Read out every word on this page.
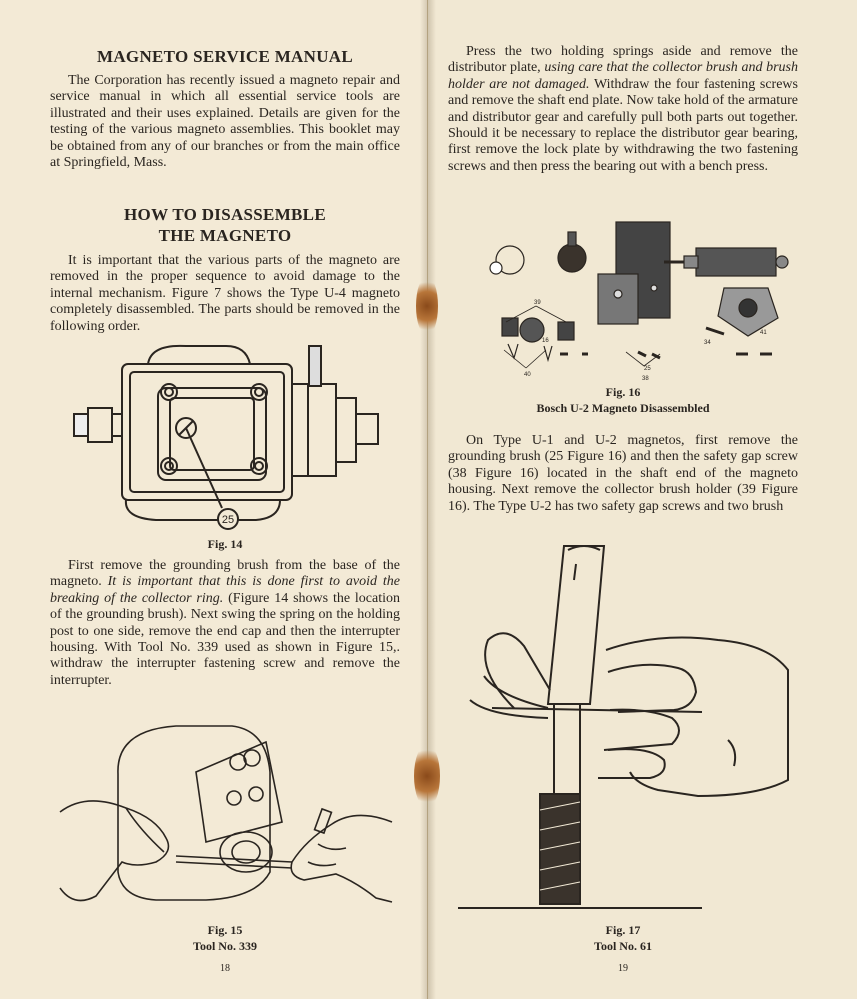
MAGNETO SERVICE MANUAL
The Corporation has recently issued a magneto repair and service manual in which all essential service tools are illustrated and their uses explained. Details are given for the testing of the various magneto assemblies. This booklet may be obtained from any of our branches or from the main office at Springfield, Mass.
HOW TO DISASSEMBLE
THE MAGNETO
It is important that the various parts of the magneto are removed in the proper sequence to avoid damage to the internal mechanism. Figure 7 shows the Type U-4 magneto completely disassembled. The parts should be removed in the following order.
25
Fig. 14
First remove the grounding brush from the base of the magneto. It is important that this is done first to avoid the breaking of the collector ring. (Figure 14 shows the location of the grounding brush). Next swing the spring on the holding post to one side, remove the end cap and then the interrupter housing. With Tool No. 339 used as shown in Figure 15,. withdraw the interrupter fastening screw and remove the interrupter.
Fig. 15
Tool No. 339
18
Press the two holding springs aside and remove the distributor plate, using care that the collector brush and brush holder are not damaged. Withdraw the four fastening screws and remove the shaft end plate. Now take hold of the armature and distributor gear and carefully pull both parts out together. Should it be necessary to replace the distributor gear bearing, first remove the lock plate by withdrawing the two fastening screws and then press the bearing out with a bench press.
39
16
40
25
38
34
41
Fig. 16
Bosch U-2 Magneto Disassembled
On Type U-1 and U-2 magnetos, first remove the grounding brush (25 Figure 16) and then the safety gap screw (38 Figure 16) located in the shaft end of the magneto housing. Next remove the collector brush holder (39 Figure 16). The Type U-2 has two safety gap screws and two brush
Fig. 17
Tool No. 61
19
